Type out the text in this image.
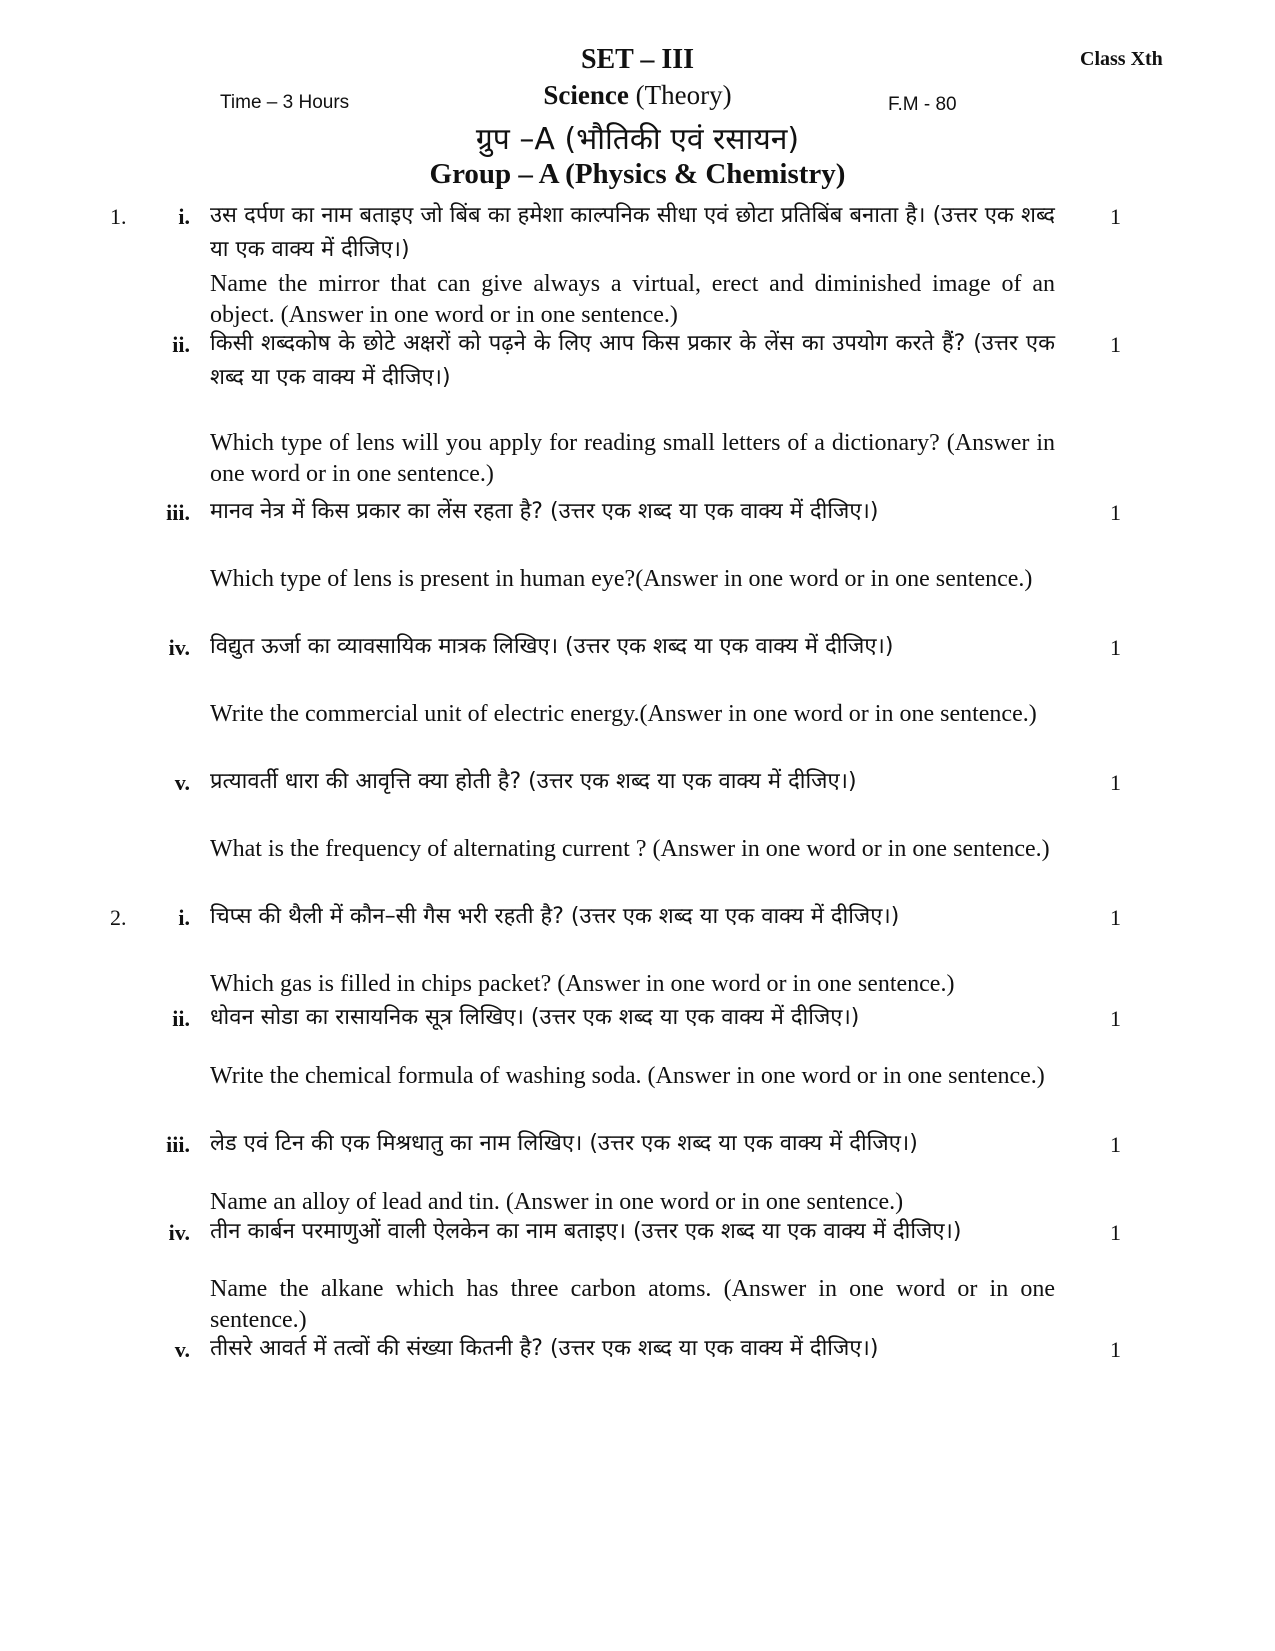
SET – III	Class Xth
Time – 3 Hours	Science (Theory)	F.M - 80
ग्रुप –A (भौतिकी एवं रसायन)
Group – A (Physics & Chemistry)
1.	i. उस दर्पण का नाम बताइए जो बिंब का हमेशा काल्पनिक सीधा एवं छोटा प्रतिबिंब बनाता है। (उत्तर एक शब्द या एक वाक्य में दीजिए।)
Name the mirror that can give always a virtual, erect and diminished image of an object. (Answer in one word or in one sentence.)
1
ii. किसी शब्दकोष के छोटे अक्षरों को पढ़ने के लिए आप किस प्रकार के लेंस का उपयोग करते हैं? (उत्तर एक शब्द या एक वाक्य में दीजिए।)
Which type of lens will you apply for reading small letters of a dictionary? (Answer in one word or in one sentence.)
1
iii. मानव नेत्र में किस प्रकार का लेंस रहता है? (उत्तर एक शब्द या एक वाक्य में दीजिए।)
Which type of lens is present in human eye?(Answer in one word or in one sentence.)
1
iv. विद्युत ऊर्जा का व्यावसायिक मात्रक लिखिए। (उत्तर एक शब्द या एक वाक्य में दीजिए।)
Write the commercial unit of electric energy.(Answer in one word or in one sentence.)
1
v. प्रत्यावर्ती धारा की आवृत्ति क्या होती है? (उत्तर एक शब्द या एक वाक्य में दीजिए।)
What is the frequency of alternating current ? (Answer in one word or in one sentence.)
1
2.	i. चिप्स की थैली में कौन–सी गैस भरी रहती है? (उत्तर एक शब्द या एक वाक्य में दीजिए।)
Which gas is filled in chips packet? (Answer in one word or in one sentence.)
1
ii. धोवन सोडा का रासायनिक सूत्र लिखिए। (उत्तर एक शब्द या एक वाक्य में दीजिए।)
Write the chemical formula of washing soda. (Answer in one word or in one sentence.)
1
iii. लेड एवं टिन की एक मिश्रधातु का नाम लिखिए। (उत्तर एक शब्द या एक वाक्य में दीजिए।)
Name an alloy of lead and tin. (Answer in one word or in one sentence.)
1
iv. तीन कार्बन परमाणुओं वाली ऐलकेन का नाम बताइए। (उत्तर एक शब्द या एक वाक्य में दीजिए।)
Name the alkane which has three carbon atoms. (Answer in one word or in one sentence.)
1
v. तीसरे आवर्त में तत्वों की संख्या कितनी है? (उत्तर एक शब्द या एक वाक्य में दीजिए।)	1
